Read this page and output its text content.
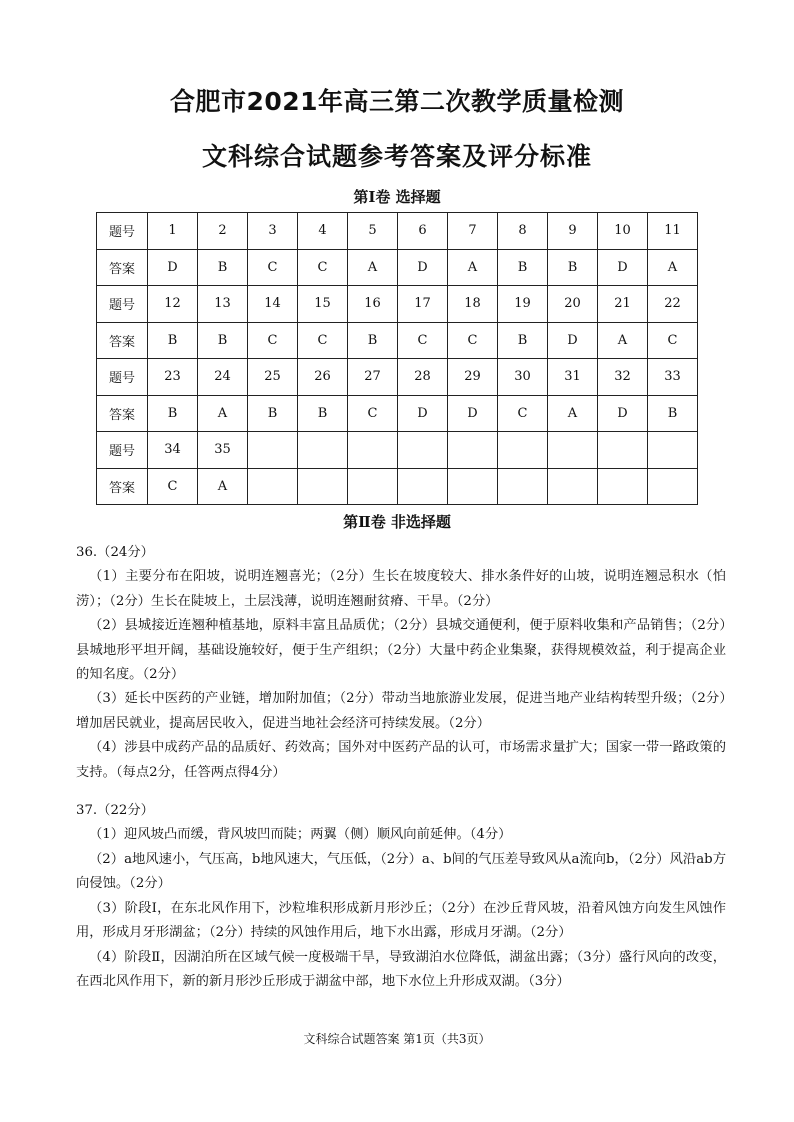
合肥市2021年高三第二次教学质量检测
文科综合试题参考答案及评分标准
第Ⅰ卷 选择题
题号	1	2	3	4	5	6	7	8	9	10	11
答案	D	B	C	C	A	D	A	B	B	D	A
题号	12	13	14	15	16	17	18	19	20	21	22
答案	B	B	C	C	B	C	C	B	D	A	C
题号	23	24	25	26	27	28	29	30	31	32	33
答案	B	A	B	B	C	D	D	C	A	D	B
题号	34	35									
答案	C	A									
第Ⅱ卷 非选择题

36.（24分）

（1）主要分布在阳坡，说明连翘喜光；（2分）生长在坡度较大、排水条件好的山坡，说明连翘忌积水（怕涝）；（2分）生长在陡坡上，土层浅薄，说明连翘耐贫瘠、干旱。（2分）

（2）县城接近连翘种植基地，原料丰富且品质优；（2分）县城交通便利，便于原料收集和产品销售；（2分）县城地形平坦开阔，基础设施较好，便于生产组织；（2分）大量中药企业集聚，获得规模效益，利于提高企业的知名度。（2分）

（3）延长中医药的产业链，增加附加值；（2分）带动当地旅游业发展，促进当地产业结构转型升级；（2分）增加居民就业，提高居民收入，促进当地社会经济可持续发展。（2分）

（4）涉县中成药产品的品质好、药效高；国外对中医药产品的认可，市场需求量扩大；国家一带一路政策的支持。（每点2分，任答两点得4分）

37.（22分）

（1）迎风坡凸而缓，背风坡凹而陡；两翼（侧）顺风向前延伸。（4分）

（2）a地风速小，气压高，b地风速大，气压低，（2分）a、b间的气压差导致风从a流向b，（2分）风沿ab方向侵蚀。（2分）

（3）阶段Ⅰ，在东北风作用下，沙粒堆积形成新月形沙丘；（2分）在沙丘背风坡，沿着风蚀方向发生风蚀作用，形成月牙形湖盆；（2分）持续的风蚀作用后，地下水出露，形成月牙湖。（2分）

（4）阶段Ⅱ，因湖泊所在区域气候一度极端干旱，导致湖泊水位降低，湖盆出露；（3分）盛行风向的改变，在西北风作用下，新的新月形沙丘形成于湖盆中部，地下水位上升形成双湖。（3分）

文科综合试题答案 第1页（共3页）
